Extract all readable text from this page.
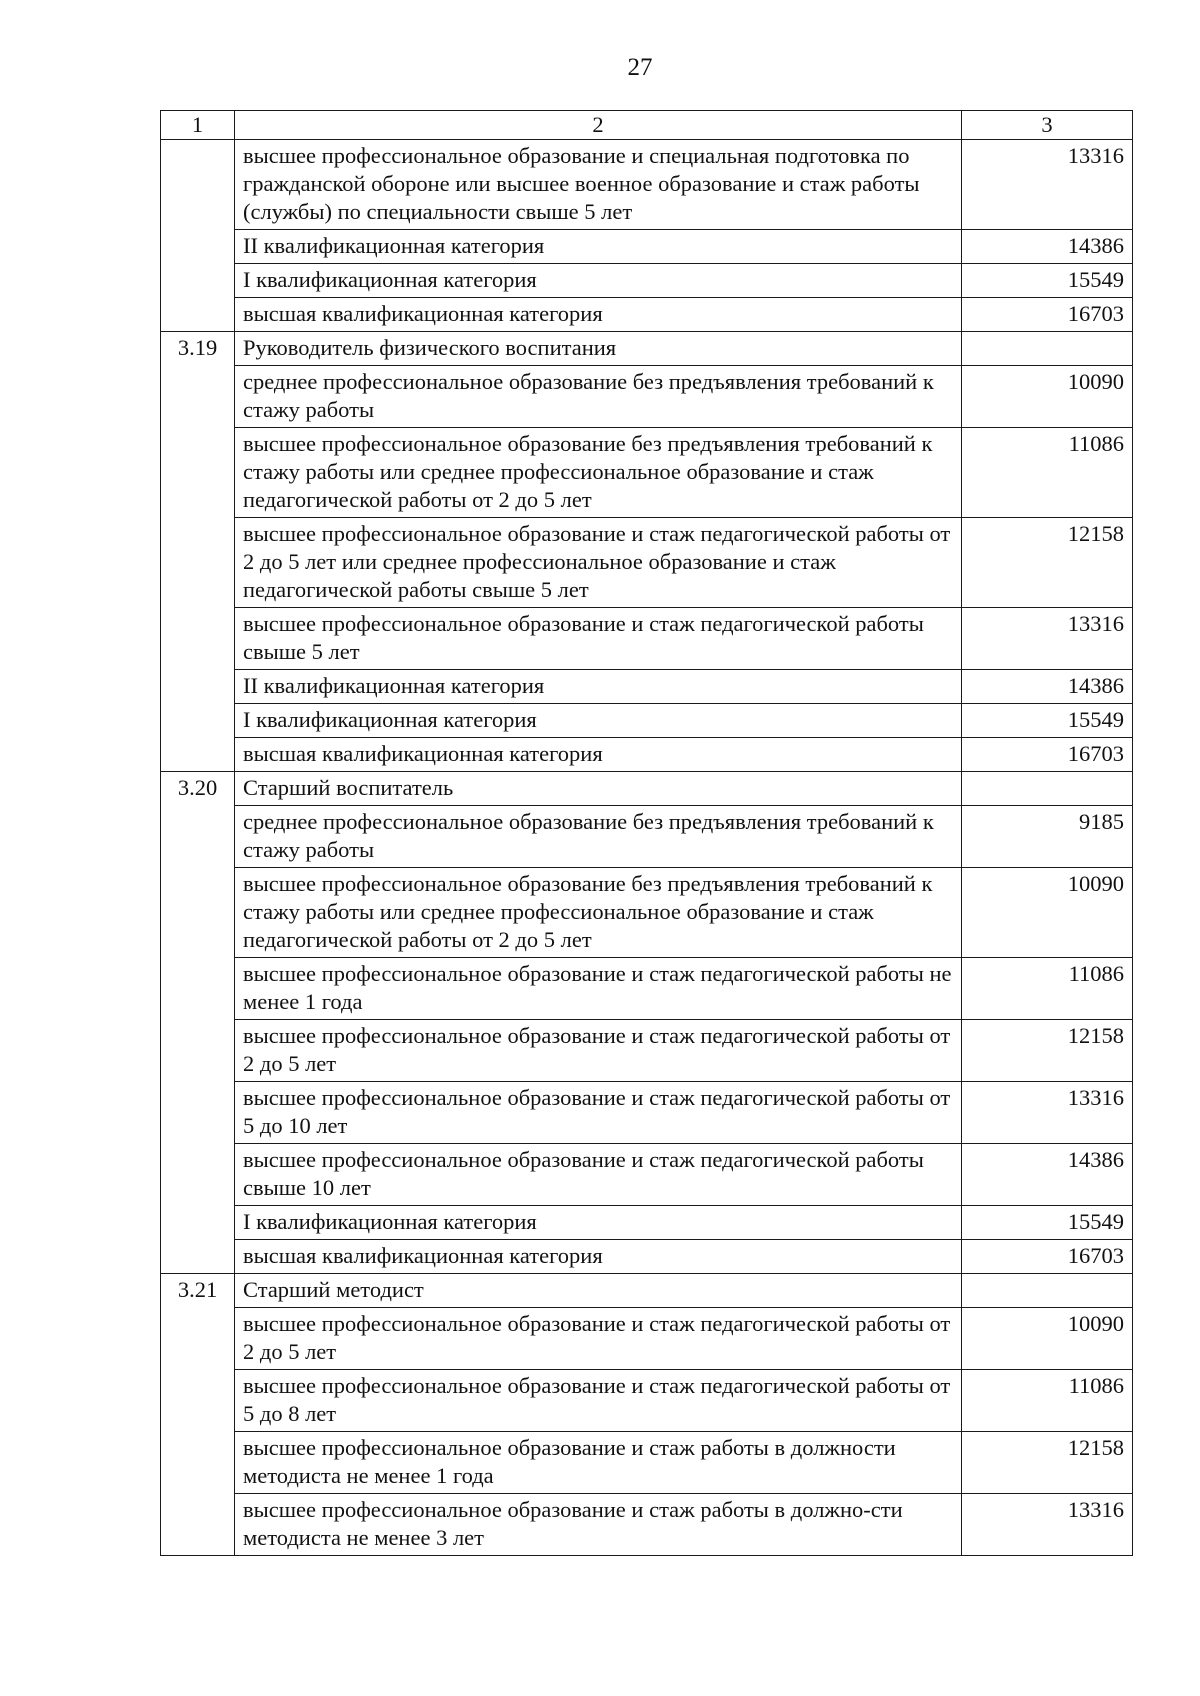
27
1	2	3
	высшее профессиональное образование и специальная подготовка по гражданской обороне или высшее военное образование и стаж работы (службы) по специальности свыше 5 лет	13316
	II квалификационная категория	14386
	I квалификационная категория	15549
	высшая квалификационная категория	16703
3.19	Руководитель физического воспитания	
	среднее профессиональное образование без предъявления требований к стажу работы	10090
	высшее профессиональное образование без предъявления требований к стажу работы или среднее профессиональное образование и стаж педагогической работы от 2 до 5 лет	11086
	высшее профессиональное образование и стаж педагогической работы от 2 до 5 лет или среднее профессиональное образование и стаж педагогической работы свыше 5 лет	12158
	высшее профессиональное образование и стаж педагогической работы свыше 5 лет	13316
	II квалификационная категория	14386
	I квалификационная категория	15549
	высшая квалификационная категория	16703
3.20	Старший воспитатель	
	среднее профессиональное образование без предъявления требований к стажу работы	9185
	высшее профессиональное образование без предъявления требований к стажу работы или среднее профессиональное образование и стаж педагогической работы от 2 до 5 лет	10090
	высшее профессиональное образование и стаж педагогической работы не менее 1 года	11086
	высшее профессиональное образование и стаж педагогической работы от 2 до 5 лет	12158
	высшее профессиональное образование и стаж педагогической работы от 5 до 10 лет	13316
	высшее профессиональное образование и стаж педагогической работы свыше 10 лет	14386
	I квалификационная категория	15549
	высшая квалификационная категория	16703
3.21	Старший методист	
	высшее профессиональное образование и стаж педагогической работы от 2 до 5 лет	10090
	высшее профессиональное образование и стаж педагогической работы от 5 до 8 лет	11086
	высшее профессиональное образование и стаж работы в должности методиста не менее 1 года	12158
	высшее профессиональное образование и стаж работы в должно-сти методиста не менее 3 лет	13316
